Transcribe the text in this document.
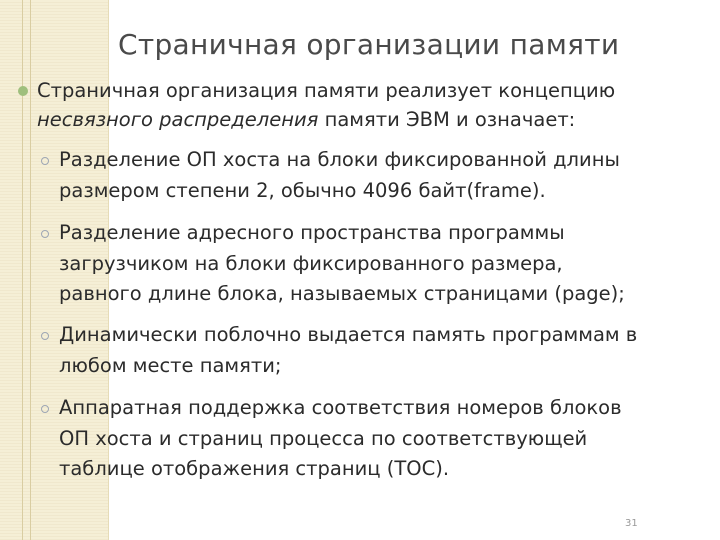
Страничная организации памяти
Страничная организация памяти реализует концепцию
несвязного распределения памяти ЭВМ и означает:
Разделение ОП хоста на блоки фиксированной длины
размером степени 2, обычно 4096 байт(frame).
Разделение адресного пространства программы
загрузчиком на блоки фиксированного размера,
равного длине блока, называемых страницами (page);
Динамически поблочно выдается память программам в
любом месте памяти;
Аппаратная поддержка соответствия номеров блоков
ОП хоста и страниц процесса по соответствующей
таблице отображения страниц (ТОС).
31
